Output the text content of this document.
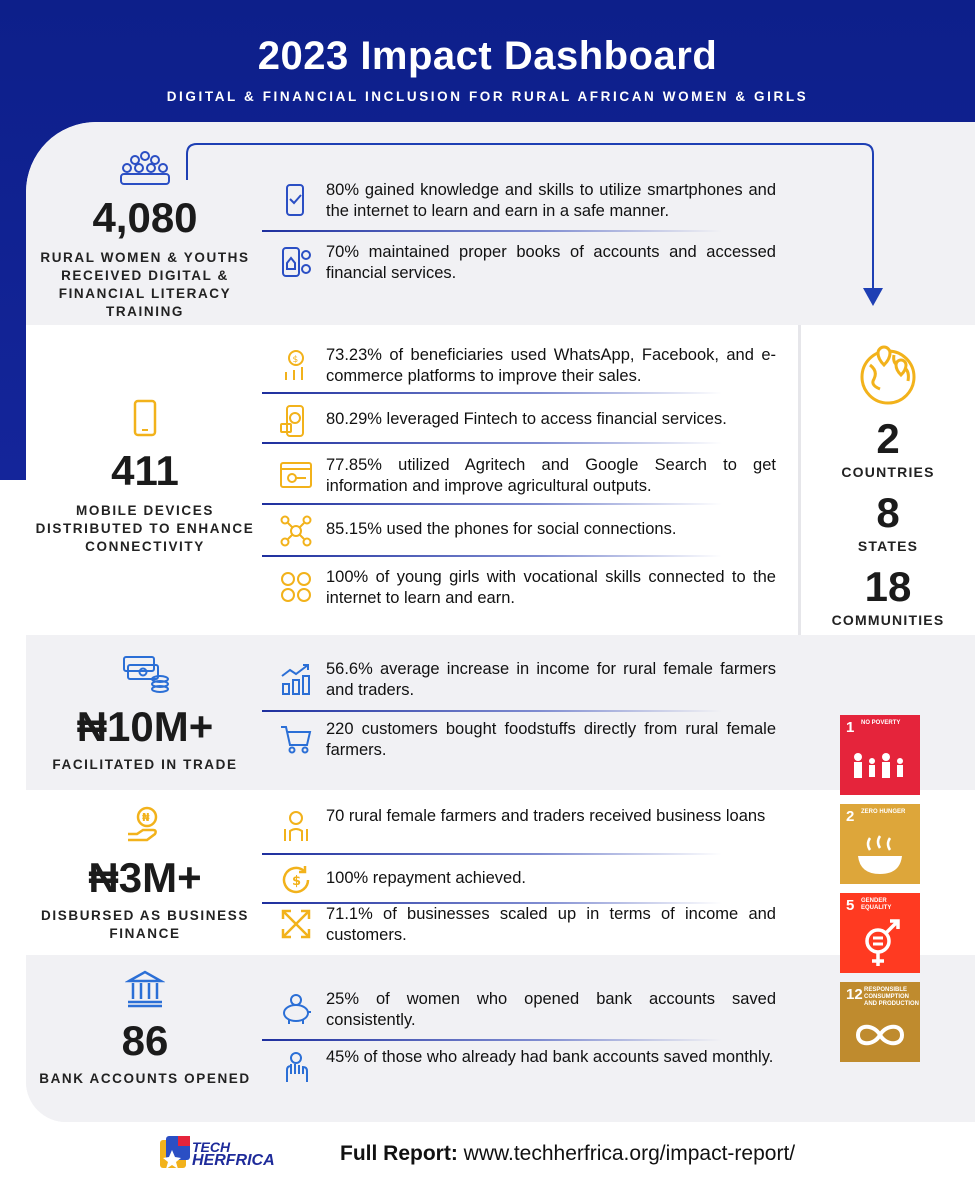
2023 Impact Dashboard
DIGITAL & FINANCIAL INCLUSION FOR RURAL AFRICAN WOMEN & GIRLS
4,080
RURAL WOMEN & YOUTHS RECEIVED DIGITAL & FINANCIAL LITERACY TRAINING
80% gained knowledge and skills to utilize smartphones and the internet to learn and earn in a safe manner.
70% maintained proper books of accounts and accessed financial services.
411
MOBILE DEVICES DISTRIBUTED TO ENHANCE CONNECTIVITY
$ 73.23% of beneficiaries used WhatsApp, Facebook, and e-commerce platforms to improve their sales.
80.29% leveraged Fintech to access financial services.
77.85% utilized Agritech and Google Search to get information and improve agricultural outputs.
85.15% used the phones for social connections.
100% of young girls with vocational skills connected to the internet to learn and earn.
2
COUNTRIES
8
STATES
18
COMMUNITIES
₦10M+
FACILITATED IN TRADE
56.6% average increase in income for rural female farmers and traders.
220 customers bought foodstuffs directly from rural female farmers.
₦
₦3M+
DISBURSED AS BUSINESS FINANCE
70 rural female farmers and traders received business loans
$ 100% repayment achieved.
71.1% of businesses scaled up in terms of income and customers.
86
BANK ACCOUNTS OPENED
25% of women who opened bank accounts saved consistently.
45% of those who already had bank accounts saved monthly.
1 NO POVERTY
2 ZERO HUNGER
5 GENDER EQUALITY
12 RESPONSIBLE CONSUMPTION AND PRODUCTION
TECH
HERFRICA	Full Report: www.techherfrica.org/impact-report/
